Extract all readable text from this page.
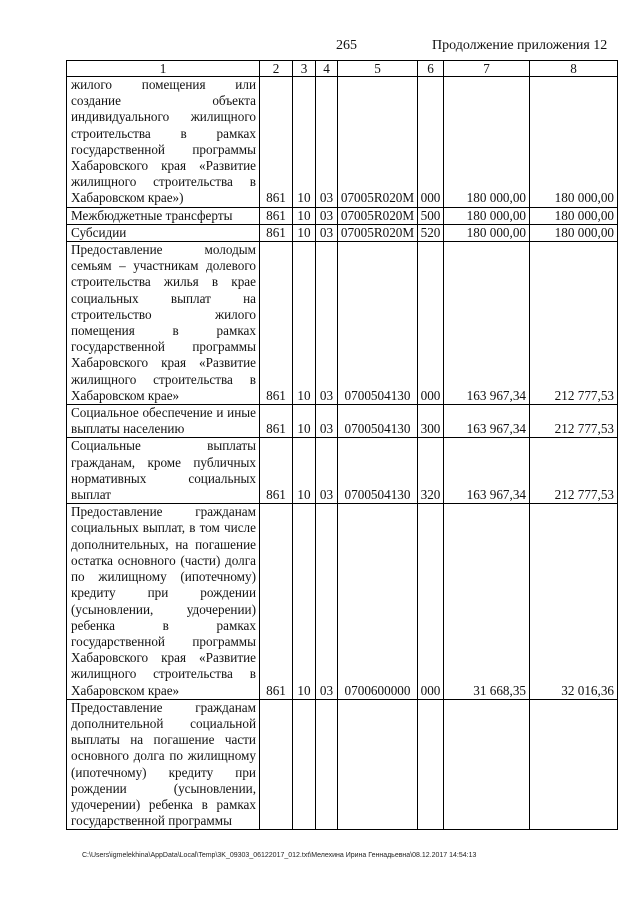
265	Продолжение приложения 12
1	2	3	4	5	6	7	8
жилого помещения или создание объекта индивидуального жилищного строительства в рамках государственной программы Хабаровского края «Развитие жилищного строительства в Хабаровском крае»)	861	10	03	07005R020M	000	180 000,00	180 000,00
Межбюджетные трансферты	861	10	03	07005R020M	500	180 000,00	180 000,00
Субсидии	861	10	03	07005R020M	520	180 000,00	180 000,00
Предоставление молодым семьям – участникам долевого строительства жилья в крае социальных выплат на строительство жилого помещения в рамках государственной программы Хабаровского края «Развитие жилищного строительства в Хабаровском крае»	861	10	03	0700504130	000	163 967,34	212 777,53
Социальное обеспечение и иные выплаты населению	861	10	03	0700504130	300	163 967,34	212 777,53
Социальные выплаты гражданам, кроме публичных нормативных социальных выплат	861	10	03	0700504130	320	163 967,34	212 777,53
Предоставление гражданам социальных выплат, в том числе дополнительных, на погашение остатка основного (части) долга по жилищному (ипотечному) кредиту при рождении (усыновлении, удочерении) ребенка в рамках государственной программы Хабаровского края «Развитие жилищного строительства в Хабаровском крае»	861	10	03	0700600000	000	31 668,35	32 016,36
Предоставление гражданам дополнительной социальной выплаты на погашение части основного долга по жилищному (ипотечному) кредиту при рождении (усыновлении, удочерении) ребенка в рамках государственной программы							
C:\Users\igmelekhina\AppData\Local\Temp\3K_09303_06122017_012.txt\Мелехина Ирина Геннадьевна\08.12.2017 14:54:13
